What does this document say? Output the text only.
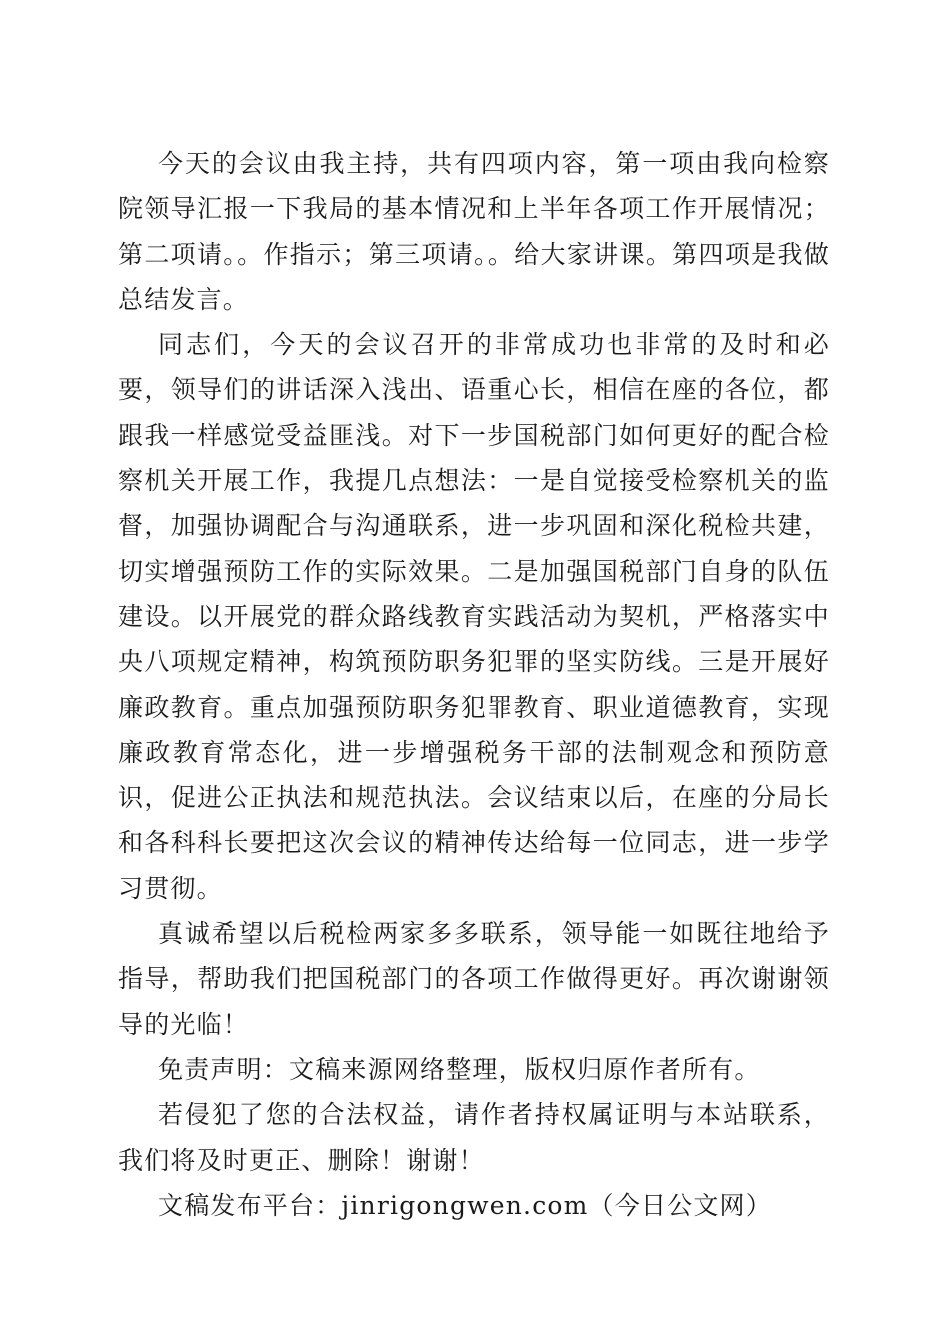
今天的会议由我主持，共有四项内容，第一项由我向检察院领导汇报一下我局的基本情况和上半年各项工作开展情况；第二项请。。作指示；第三项请。。给大家讲课。第四项是我做总结发言。

同志们，今天的会议召开的非常成功也非常的及时和必要，领导们的讲话深入浅出、语重心长，相信在座的各位，都跟我一样感觉受益匪浅。对下一步国税部门如何更好的配合检察机关开展工作，我提几点想法：一是自觉接受检察机关的监督，加强协调配合与沟通联系，进一步巩固和深化税检共建，切实增强预防工作的实际效果。二是加强国税部门自身的队伍建设。以开展党的群众路线教育实践活动为契机，严格落实中央八项规定精神，构筑预防职务犯罪的坚实防线。三是开展好廉政教育。重点加强预防职务犯罪教育、职业道德教育，实现廉政教育常态化，进一步增强税务干部的法制观念和预防意识，促进公正执法和规范执法。会议结束以后，在座的分局长和各科科长要把这次会议的精神传达给每一位同志，进一步学习贯彻。

真诚希望以后税检两家多多联系，领导能一如既往地给予指导，帮助我们把国税部门的各项工作做得更好。再次谢谢领导的光临！

免责声明：文稿来源网络整理，版权归原作者所有。

若侵犯了您的合法权益，请作者持权属证明与本站联系，我们将及时更正、删除！谢谢！

文稿发布平台：jinrigongwen.com（今日公文网）
